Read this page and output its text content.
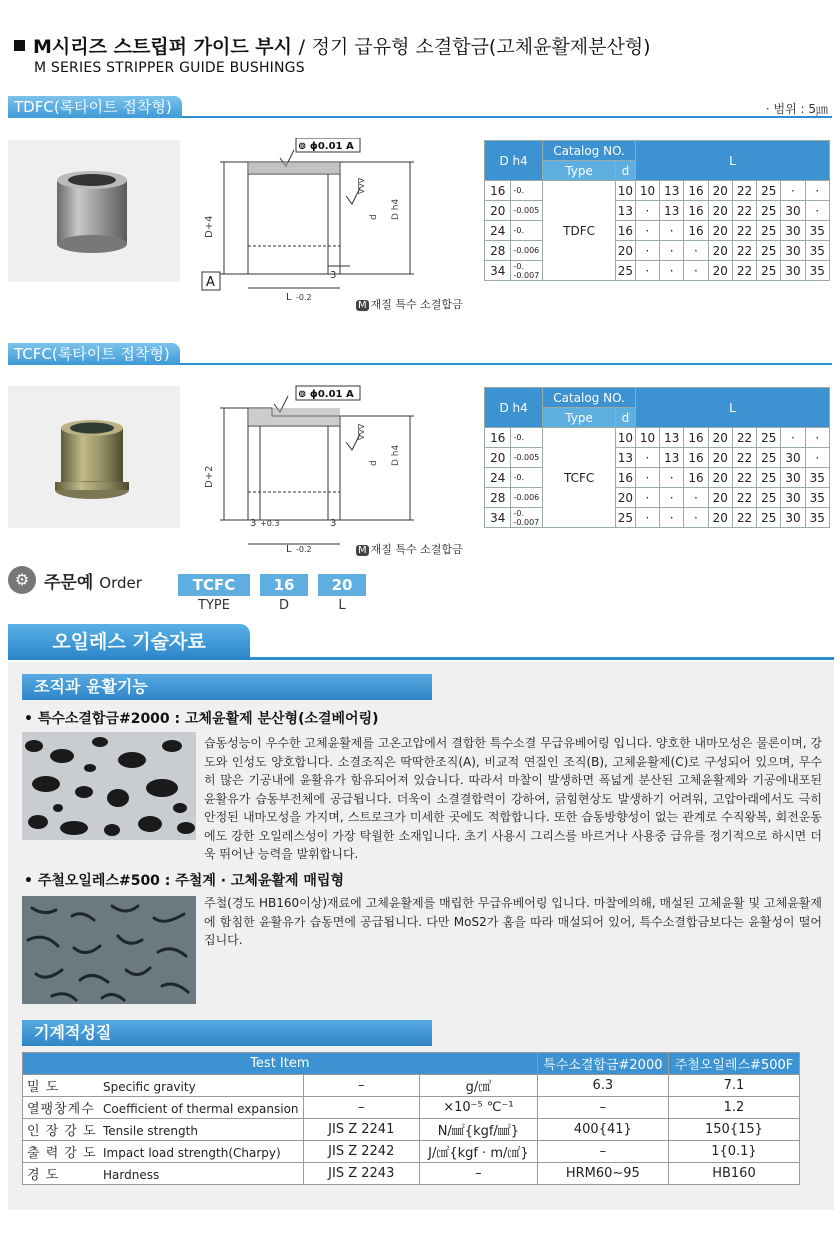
M시리즈 스트립퍼 가이드 부시 / 정기 급유형 소결합금(고체윤활제분산형)
M SERIES STRIPPER GUIDE BUSHINGS
TDFC(록타이트 접착형)	· 범위 : 5㎛
⊚ ϕ0.01 A
A
D+4	d D h4
∇∇∇
L -0.2
3
M 재질 특수 소결합금
D h4		Catalog NO.		L							
		Type	d								
16	-0.	TDFC	10	10	13	16	20	22	25	·	·
20	-0.005		13	·	13	16	20	22	25	30	·
24	-0.		16	·	·	16	20	22	25	30	35
28	-0.006		20	·	·	·	20	22	25	30	35
34	-0. -0.007		25	·	·	·	20	22	25	30	35
TCFC(록타이트 접착형)
⊚ ϕ0.01 A
D+2
d D h4
∇∇∇
3 +0.3	3
L -0.2	M 재질 특수 소결합금
D h4		Catalog NO.		L							
		Type	d								
16	-0.	TCFC	10	10	13	16	20	22	25	·	·
20	-0.005		13	·	13	16	20	22	25	30	·
24	-0.		16	·	·	16	20	22	25	30	35
28	-0.006		20	·	·	·	20	22	25	30	35
34	-0. -0.007		25	·	·	·	20	22	25	30	35
⚙ 주문예 Order	TCFC	16	20
TYPE	D	L
오일레스 기술자료
조직과 윤활기능
• 특수소결합금#2000 : 고체윤활제 분산형(소결베어링)
습동성능이 우수한 고체윤활제를 고온고압에서 결합한 특수소결 무급유베어링 입니다. 양호한 내마모성은 물론이며, 강도와 인성도 양호합니다. 소결조직은 딱딱한조직(A), 비교적 연질인 조직(B), 고체윤활제(C)로 구성되어 있으며, 무수히 많은 기공내에 윤활유가 함유되어져 있습니다. 따라서 마찰이 발생하면 폭넓게 분산된 고체윤활제와 기공에내포된 윤활유가 습동부전체에 공급됩니다. 더욱이 소결결합력이 강하여, 긁힘현상도 발생하기 어려워, 고압아래에서도 극히 안정된 내마모성을 가지며, 스트로크가 미세한 곳에도 적합합니다. 또한 습동방향성이 없는 관계로 수직왕복, 회전운동에도 강한 오일레스성이 가장 탁월한 소재입니다. 초기 사용시 그리스를 바르거나 사용중 급유를 정기적으로 하시면 더욱 뛰어난 능력을 발휘합니다.
• 주철오일레스#500 : 주철계 · 고체윤활제 매립형
주철(경도 HB160이상)재료에 고체윤활제를 매립한 무급유베어링 입니다. 마찰에의해, 매설된 고체윤활 및 고체윤활제에 함침한 윤활유가 습동면에 공급됩니다. 다만 MoS2가 홈을 따라 매설되어 있어, 특수소결합금보다는 윤활성이 떨어집니다.
기계적성질
Test Item			특수소결합금#2000	주철오일레스#500F
밀 도 Specific gravity	–	g/㎤	6.3	7.1
열팽창계수 Coefficient of thermal expansion	–	×10⁻⁵ ℃⁻¹	–	1.2
인 장 강 도 Tensile strength	JIS Z 2241	N/㎟{kgf/㎟}	400{41}	150{15}
출 력 강 도 Impact load strength(Charpy)	JIS Z 2242	J/㎠{kgf · m/㎠}	–	1{0.1}
경 도 Hardness	JIS Z 2243	–	HRM60∼95	HB160
